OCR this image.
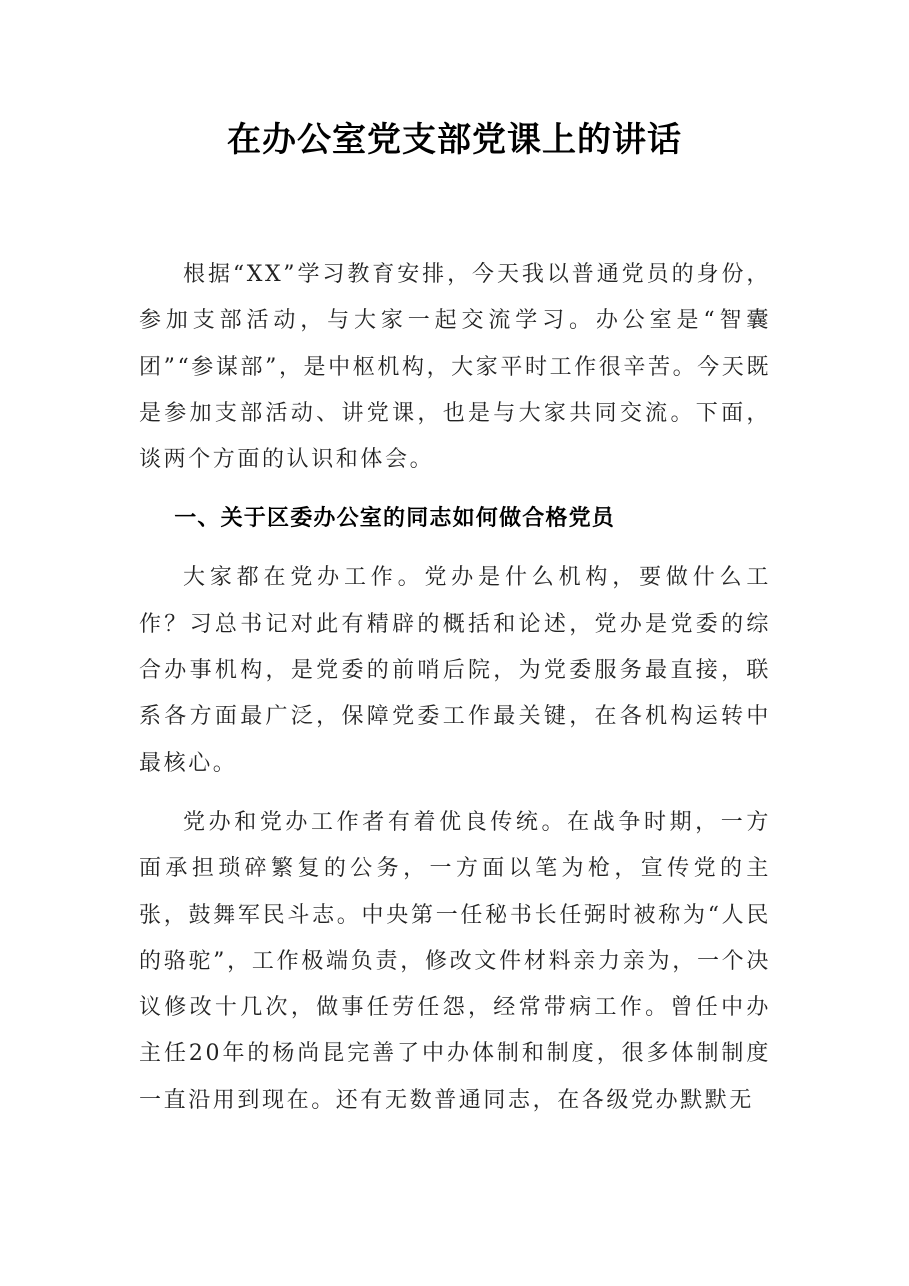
在办公室党支部党课上的讲话

根据“XX”学习教育安排，今天我以普通党员的身份，参加支部活动，与大家一起交流学习。办公室是“智囊团”“参谋部”，是中枢机构，大家平时工作很辛苦。今天既是参加支部活动、讲党课，也是与大家共同交流。下面，谈两个方面的认识和体会。

一、关于区委办公室的同志如何做合格党员

大家都在党办工作。党办是什么机构，要做什么工作？习总书记对此有精辟的概括和论述，党办是党委的综合办事机构，是党委的前哨后院，为党委服务最直接，联系各方面最广泛，保障党委工作最关键，在各机构运转中最核心。

党办和党办工作者有着优良传统。在战争时期，一方面承担琐碎繁复的公务，一方面以笔为枪，宣传党的主张，鼓舞军民斗志。中央第一任秘书长任弼时被称为“人民的骆驼”，工作极端负责，修改文件材料亲力亲为，一个决议修改十几次，做事任劳任怨，经常带病工作。曾任中办主任20年的杨尚昆完善了中办体制和制度，很多体制制度一直沿用到现在。还有无数普通同志，在各级党办默默无
